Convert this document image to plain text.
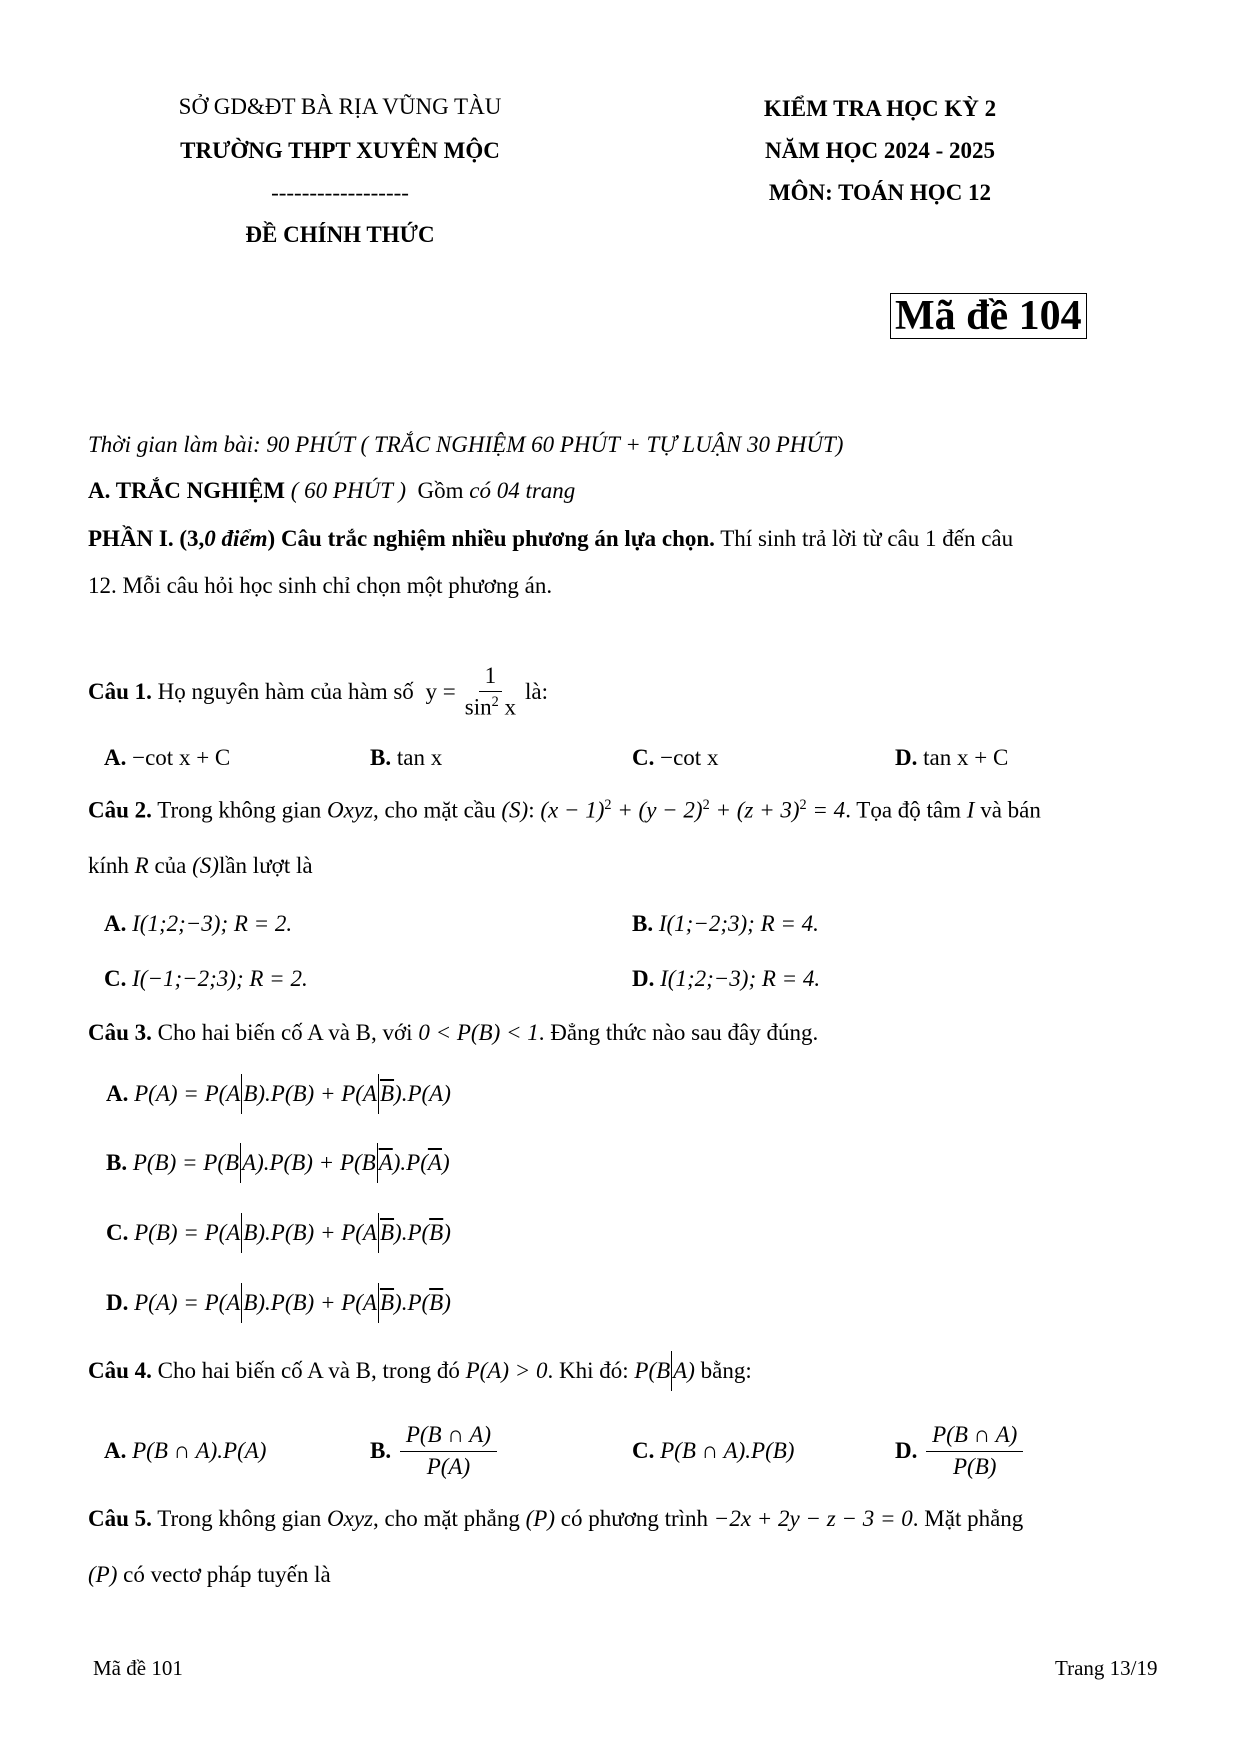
SỞ GD&ĐT BÀ RỊA VŨNG TÀU
TRƯỜNG THPT XUYÊN MỘC
------------------
ĐỀ CHÍNH THỨC
KIỂM TRA HỌC KỲ 2
NĂM HỌC 2024 - 2025
MÔN: TOÁN HỌC 12
Mã đề 104
Thời gian làm bài: 90 PHÚT ( TRẮC NGHIỆM 60 PHÚT + TỰ LUẬN 30 PHÚT)
A. TRẮC NGHIỆM ( 60 PHÚT ) Gồm có 04 trang
PHẦN I. (3,0 điểm) Câu trắc nghiệm nhiều phương án lựa chọn. Thí sinh trả lời từ câu 1 đến câu
12. Mỗi câu hỏi học sinh chỉ chọn một phương án.
Câu 1. Họ nguyên hàm của hàm số $y = \frac{1}{\sin^2 x}$ là:
A. −cot x + C	B. tan x	C. −cot x	D. tan x + C
Câu 2. Trong không gian Oxyz, cho mặt cầu (S): $(x - 1)^2 + (y - 2)^2 + (z + 3)^2 = 4$. Tọa độ tâm I và bán
kính R của (S)lần lượt là
A. I(1;2;−3); R = 2.	B. I(1;−2;3); R = 4.
C. I(−1;−2;3); R = 2.	D. I(1;2;−3); R = 4.
Câu 3. Cho hai biến cố A và B, với 0 < P(B) < 1. Đẳng thức nào sau đây đúng.
A.
P(A) = P(A B).P(B) + P(A $\overline{B}$ ).P(A)
B.
P(B) = P(B A).P(B) + P(B $\overline{A}$ ).P( $\overline{A}$ )
C.
P(B) = P(A B).P(B) + P(A $\overline{B}$ ).P( $\overline{B}$ )
D.
P(A) = P(A B).P(B) + P(A $\overline{B}$ ).P( $\overline{B}$ )
Câu 4. Cho hai biến cố A và B, trong đó P(A) > 0 . Khi đó: P(B A) bằng:
A.
P(B ∩ A).P(A)	B.
$\frac{P(B \cap A)}{P(A)}$	C.
P(B ∩ A).P(B)	D.
$\frac{P(B \cap A)}{P(B)}$
Câu 5. Trong không gian Oxyz, cho mặt phẳng (P) có phương trình −2x + 2y − z − 3 = 0. Mặt phẳng
(P) có vectơ pháp tuyến là
Mã đề 101	Trang 13/19
